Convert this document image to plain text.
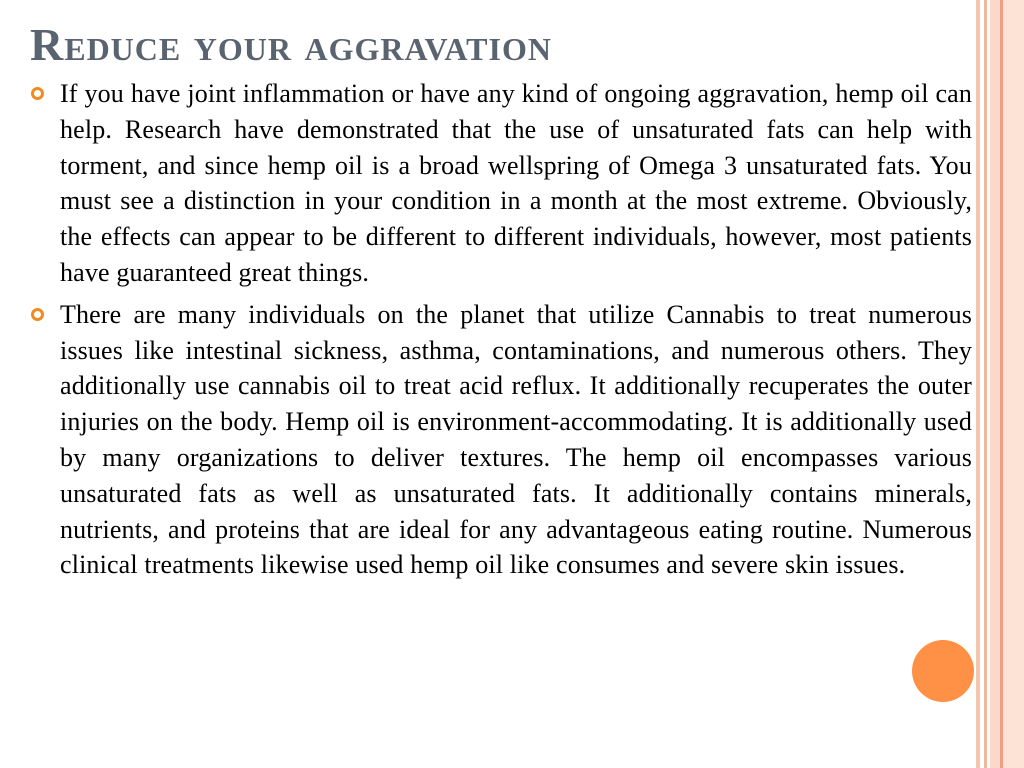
Reduce your aggravation
If you have joint inflammation or have any kind of ongoing aggravation, hemp oil can help. Research have demonstrated that the use of unsaturated fats can help with torment, and since hemp oil is a broad wellspring of Omega 3 unsaturated fats. You must see a distinction in your condition in a month at the most extreme. Obviously, the effects can appear to be different to different individuals, however, most patients have guaranteed great things.
There are many individuals on the planet that utilize Cannabis to treat numerous issues like intestinal sickness, asthma, contaminations, and numerous others. They additionally use cannabis oil to treat acid reflux. It additionally recuperates the outer injuries on the body. Hemp oil is environment-accommodating. It is additionally used by many organizations to deliver textures. The hemp oil encompasses various unsaturated fats as well as unsaturated fats. It additionally contains minerals, nutrients, and proteins that are ideal for any advantageous eating routine. Numerous clinical treatments likewise used hemp oil like consumes and severe skin issues.
